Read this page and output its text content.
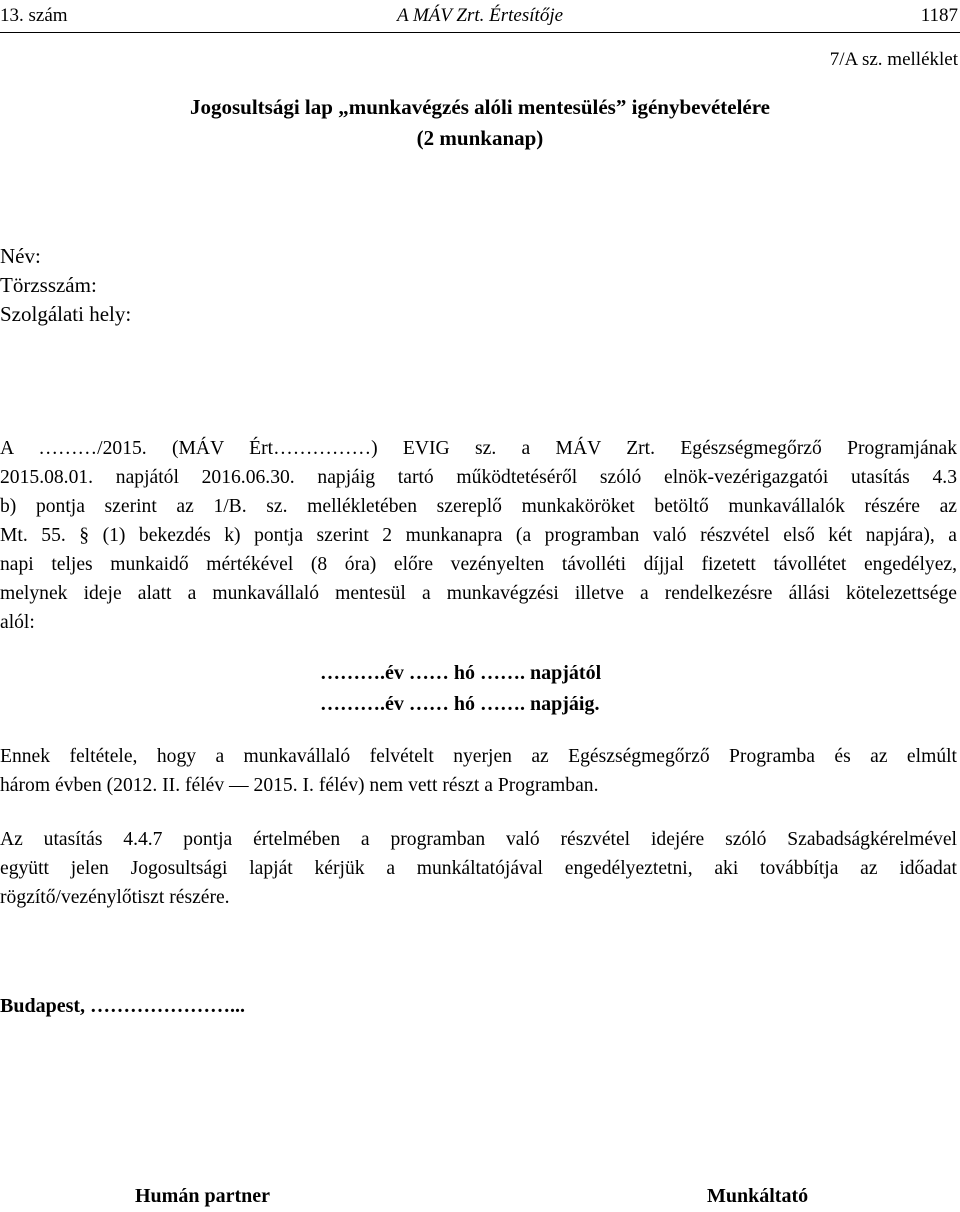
13. szám	A MÁV Zrt. Értesítője	1187
7/A sz. melléklet
Jogosultsági lap „munkavégzés alóli mentesülés” igénybevételére
(2 munkanap)
Név:
Törzsszám:
Szolgálati hely:
A ………/2015. (MÁV Ért……………) EVIG sz. a MÁV Zrt. Egészségmegőrző Programjának
2015.08.01. napjától 2016.06.30. napjáig tartó működtetéséről szóló elnök-vezérigazgatói utasítás 4.3
b) pontja szerint az 1/B. sz. mellékletében szereplő munkaköröket betöltő munkavállalók részére az
Mt. 55. § (1) bekezdés k) pontja szerint 2 munkanapra (a programban való részvétel első két napjára), a
napi teljes munkaidő mértékével (8 óra) előre vezényelten távolléti díjjal fizetett távollétet engedélyez,
melynek ideje alatt a munkavállaló mentesül a munkavégzési illetve a rendelkezésre állási kötelezettsége
alól:
……….év …… hó ……. napjától
……….év …… hó ……. napjáig.
Ennek feltétele, hogy a munkavállaló felvételt nyerjen az Egészségmegőrző Programba és az elmúlt
három évben (2012. II. félév — 2015. I. félév) nem vett részt a Programban.
Az utasítás 4.4.7 pontja értelmében a programban való részvétel idejére szóló Szabadságkérelmével
együtt jelen Jogosultsági lapját kérjük a munkáltatójával engedélyeztetni, aki továbbítja az időadat
rögzítő/vezénylőtiszt részére.
Budapest, …………………...
Humán partner	Munkáltató
